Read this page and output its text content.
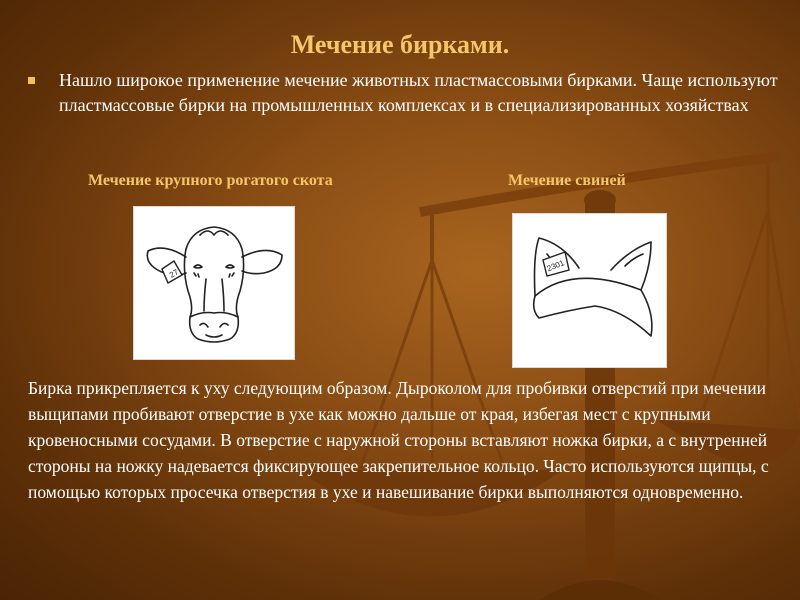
Мечение бирками.
Нашло широкое применение мечение животных пластмассовыми бирками. Чаще используют пластмассовые бирки на промышленных комплексах и в специализированных хозяйствах
Мечение крупного рогатого скота	Мечение свиней
27
2301
Бирка прикрепляется к уху следующим образом. Дыроколом для пробивки отверстий при мечении выщипами пробивают отверстие в ухе как можно дальше от края, избегая мест с крупными кровеносными сосудами. В отверстие с наружной стороны вставляют ножка бирки, а с внутренней стороны на ножку надевается фиксирующее закрепительное кольцо. Часто используются щипцы, с помощью которых просечка отверстия в ухе и навешивание бирки выполняются одновременно.
